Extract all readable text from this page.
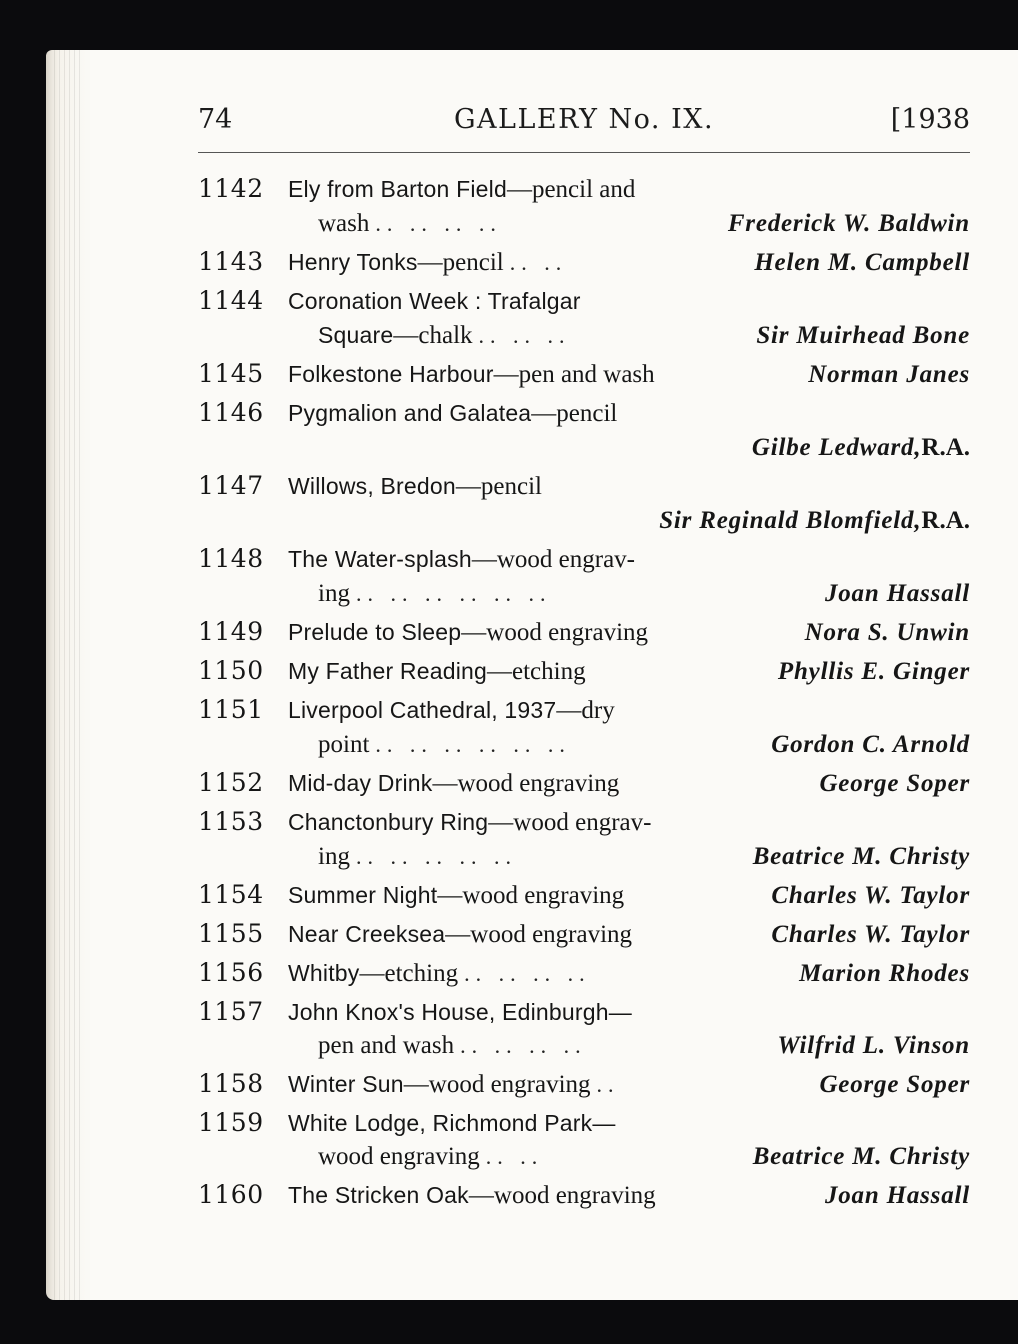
GALLERY No. IX.
74	[1938
1142	Ely from Barton Field —pencil and
wash .. .. .. ..	Frederick W. Baldwin
1143	Henry Tonks —pencil .. ..	Helen M. Campbell
1144	Coronation Week : Trafalgar
Square —chalk .. .. ..	Sir Muirhead Bone
1145	Folkestone Harbour —pen and wash	Norman Janes
1146	Pygmalion and Galatea —pencil
Gilbe Ledward, R.A.
1147	Willows, Bredon —pencil
Sir Reginald Blomfield, R.A.
1148	The Water-splash —wood engrav-
ing .. .. .. .. .. ..	Joan Hassall
1149	Prelude to Sleep —wood engraving	Nora S. Unwin
1150	My Father Reading —etching	Phyllis E. Ginger
1151	Liverpool Cathedral, 1937 —dry
point .. .. .. .. .. ..	Gordon C. Arnold
1152	Mid-day Drink —wood engraving	George Soper
1153	Chanctonbury Ring —wood engrav-
ing .. .. .. .. ..	Beatrice M. Christy
1154	Summer Night —wood engraving	Charles W. Taylor
1155	Near Creeksea —wood engraving	Charles W. Taylor
1156	Whitby —etching .. .. .. ..	Marion Rhodes
1157	John Knox's House, Edinburgh—
pen and wash .. .. .. ..	Wilfrid L. Vinson
1158	Winter Sun —wood engraving ..	George Soper
1159	White Lodge, Richmond Park—
wood engraving .. ..	Beatrice M. Christy
1160	The Stricken Oak —wood engraving	Joan Hassall
